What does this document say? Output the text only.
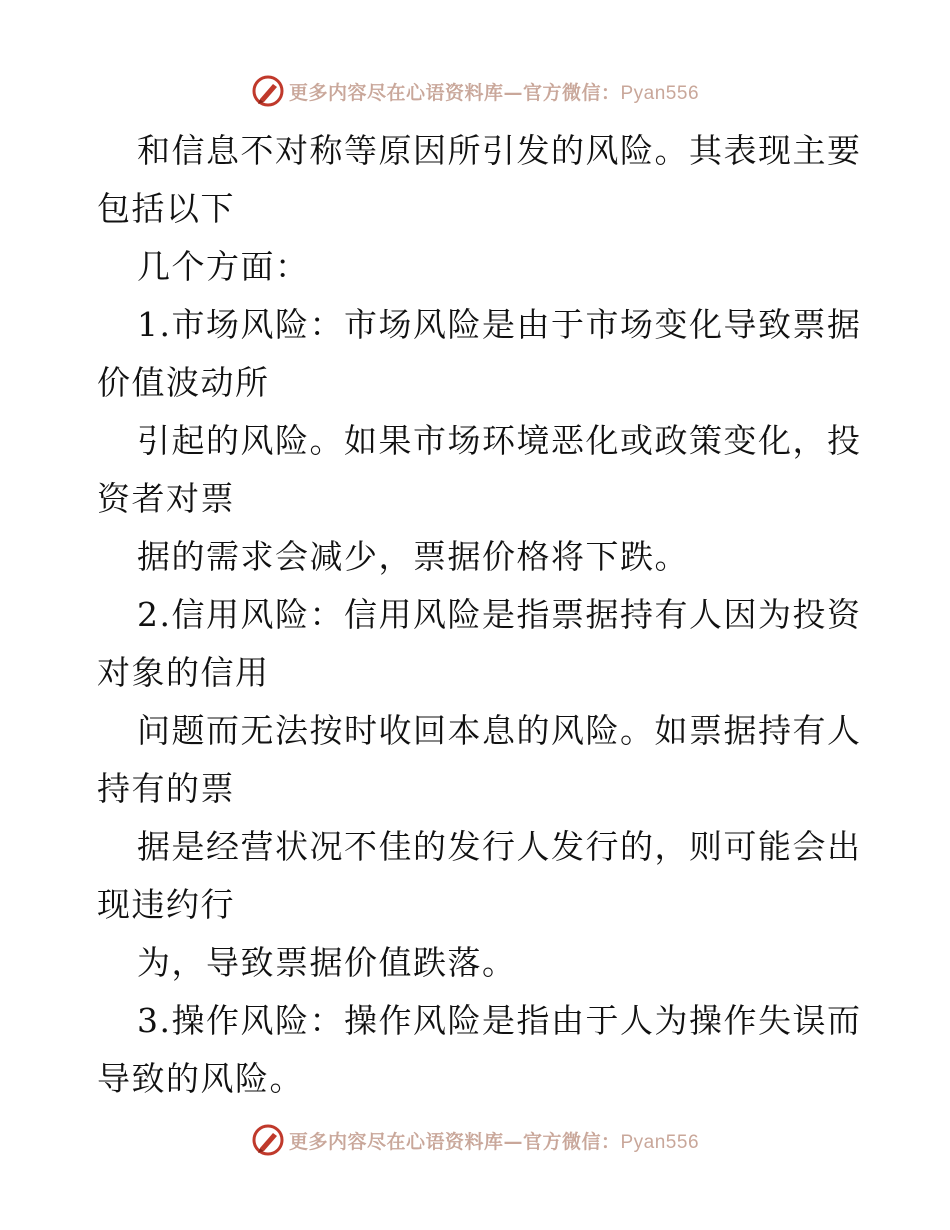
更多内容尽在心语资料库—官方微信：Pyan556
和信息不对称等原因所引发的风险。其表现主要
包括以下
几个方面：
1.市场风险：市场风险是由于市场变化导致票据
价值波动所
引起的风险。如果市场环境恶化或政策变化，投
资者对票
据的需求会减少，票据价格将下跌。
2.信用风险：信用风险是指票据持有人因为投资
对象的信用
问题而无法按时收回本息的风险。如票据持有人
持有的票
据是经营状况不佳的发行人发行的，则可能会出
现违约行
为，导致票据价值跌落。
3.操作风险：操作风险是指由于人为操作失误而
导致的风险。
更多内容尽在心语资料库—官方微信：Pyan556
